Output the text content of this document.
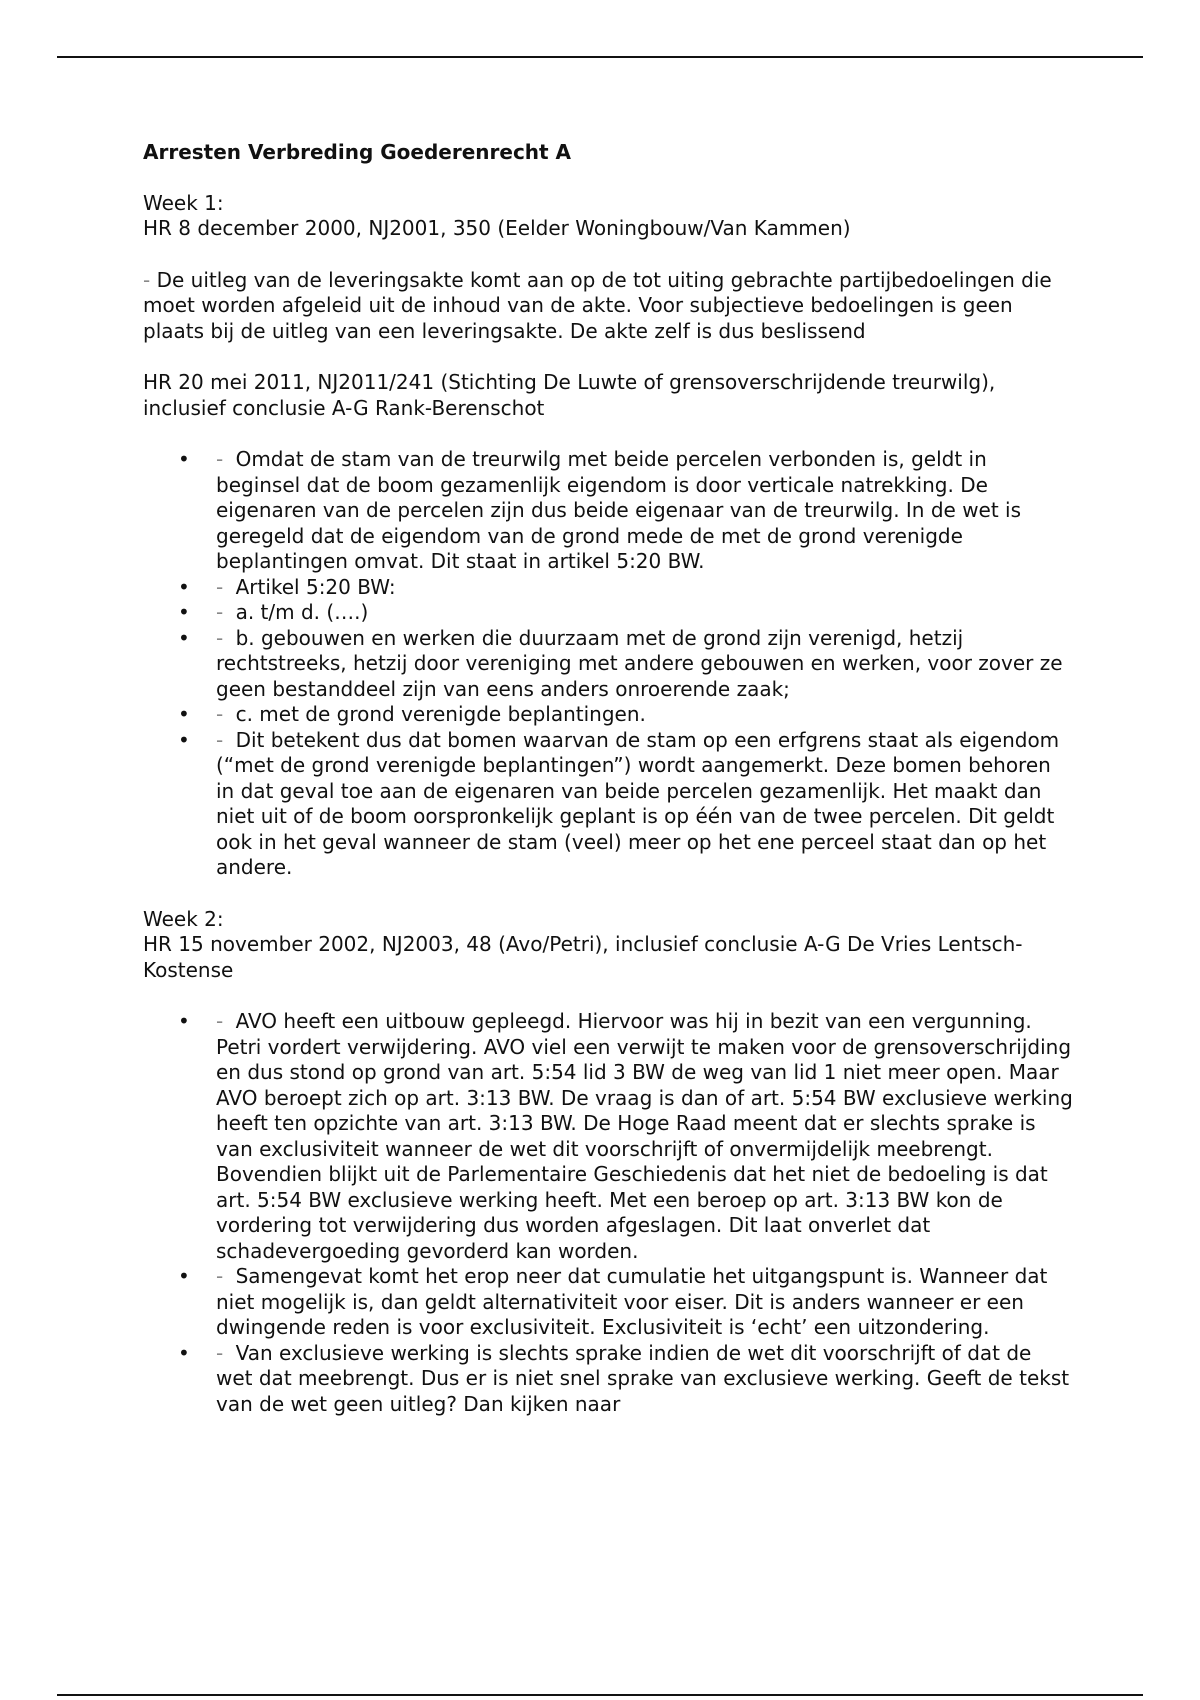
Arresten Verbreding Goederenrecht A

Week 1:

HR 8 december 2000, NJ2001, 350 (Eelder Woningbouw/Van Kammen)

- De uitleg van de leveringsakte komt aan op de tot uiting gebrachte partijbedoelingen die moet worden afgeleid uit de inhoud van de akte. Voor subjectieve bedoelingen is geen plaats bij de uitleg van een leveringsakte. De akte zelf is dus beslissend

HR 20 mei 2011, NJ2011/241 (Stichting De Luwte of grensoverschrijdende treurwilg), inclusief conclusie A-G Rank-Berenschot

• - Omdat de stam van de treurwilg met beide percelen verbonden is, geldt in beginsel dat de boom gezamenlijk eigendom is door verticale natrekking. De eigenaren van de percelen zijn dus beide eigenaar van de treurwilg. In de wet is geregeld dat de eigendom van de grond mede de met de grond verenigde beplantingen omvat. Dit staat in artikel 5:20 BW.
• - Artikel 5:20 BW:
• - a. t/m d. (….)
• - b. gebouwen en werken die duurzaam met de grond zijn verenigd, hetzij rechtstreeks, hetzij door vereniging met andere gebouwen en werken, voor zover ze geen bestanddeel zijn van eens anders onroerende zaak;
• - c. met de grond verenigde beplantingen.
• - Dit betekent dus dat bomen waarvan de stam op een erfgrens staat als eigendom (“met de grond verenigde beplantingen”) wordt aangemerkt. Deze bomen behoren in dat geval toe aan de eigenaren van beide percelen gezamenlijk. Het maakt dan niet uit of de boom oorspronkelijk geplant is op één van de twee percelen. Dit geldt ook in het geval wanneer de stam (veel) meer op het ene perceel staat dan op het andere.

Week 2:

HR 15 november 2002, NJ2003, 48 (Avo/Petri), inclusief conclusie A-G De Vries Lentsch-Kostense

• - AVO heeft een uitbouw gepleegd. Hiervoor was hij in bezit van een vergunning. Petri vordert verwijdering. AVO viel een verwijt te maken voor de grensoverschrijding en dus stond op grond van art. 5:54 lid 3 BW de weg van lid 1 niet meer open. Maar AVO beroept zich op art. 3:13 BW. De vraag is dan of art. 5:54 BW exclusieve werking heeft ten opzichte van art. 3:13 BW. De Hoge Raad meent dat er slechts sprake is van exclusiviteit wanneer de wet dit voorschrijft of onvermijdelijk meebrengt. Bovendien blijkt uit de Parlementaire Geschiedenis dat het niet de bedoeling is dat art. 5:54 BW exclusieve werking heeft. Met een beroep op art. 3:13 BW kon de vordering tot verwijdering dus worden afgeslagen. Dit laat onverlet dat schadevergoeding gevorderd kan worden.
• - Samengevat komt het erop neer dat cumulatie het uitgangspunt is. Wanneer dat niet mogelijk is, dan geldt alternativiteit voor eiser. Dit is anders wanneer er een dwingende reden is voor exclusiviteit. Exclusiviteit is ‘echt’ een uitzondering.
• - Van exclusieve werking is slechts sprake indien de wet dit voorschrijft of dat de wet dat meebrengt. Dus er is niet snel sprake van exclusieve werking. Geeft de tekst van de wet geen uitleg? Dan kijken naar
